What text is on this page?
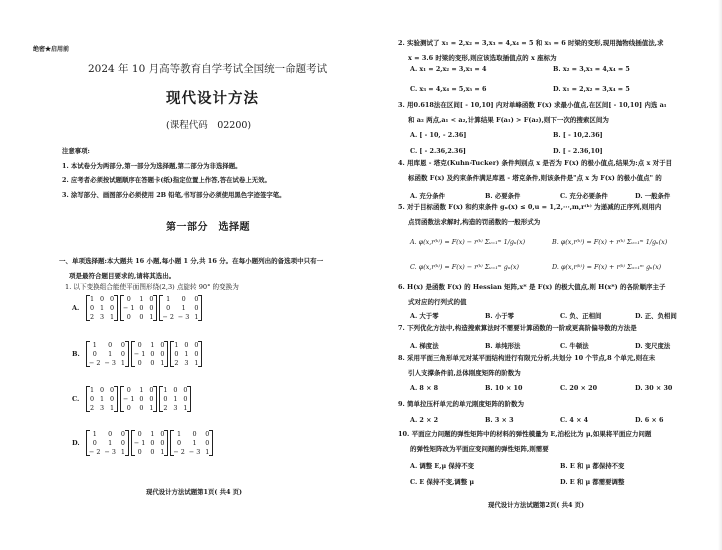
绝密★启用前
2024 年 10 月高等教育自学考试全国统一命题考试
现代设计方法
(课程代码　02200)
注意事项:
1. 本试卷分为两部分,第一部分为选择题,第二部分为非选择题。
2. 应考者必须按试题顺序在答题卡(纸)指定位置上作答,答在试卷上无效。
3. 涂写部分、画图部分必须使用 2B 铅笔,书写部分必须使用黑色字迹签字笔。
第一部分　选择题
一、单项选择题:本大题共 16 小题,每小题 1 分,共 16 分。在每小题列出的备选项中只有一
项是最符合题目要求的,请将其选出。
1. 以下变换组合能使平面图形绕(2,3) 点旋转 90° 的变换为
A.
1 0 0
0 1 0
2 3 1
0	1 0
− 1 0 0
0	0 1
1	0	0
0	1	0
− 2 − 3 1
B.
1	0	0
0	1	0
− 2 − 3 1
0	1 0
− 1 0 0
0	0 1
1 0 0
0 1 0
2 3 1
C.
1 0 0
0 1 0
2 3 1
0	1 0
− 1 0 0
0	0 1
1 0 0
0 1 0
2 3 1
D.
1	0	0
0	1	0
− 2 − 3 1
0	1 0
− 1 0 0
0	0 1
1	0	0
0	1	0
− 2 − 3 1
现代设计方法试题第1页( 共4 页)
2. 实验测试了 x₁ = 2,x₂ = 3,x₃ = 4,x₄ = 5 和 x₅ = 6 时梁的变形,现用抛物线插值法,求
x = 3.6 时梁的变形,则应该选取插值点的 x 座标为
A. x₁ = 2,x₂ = 3,x₃ = 4	B. x₂ = 3,x₃ = 4,x₄ = 5
C. x₃ = 4,x₄ = 5,x₅ = 6	D. x₁ = 2,x₂ = 3,x₄ = 5
3. 用0.618法在区间[ - 10,10] 内对单峰函数 F(x) 求最小值点,在区间[ - 10,10] 内选 a₁
和 a₂ 两点,a₁ < a₂,计算结果 F(a₁) > F(a₂),则下一次的搜索区间为
A. [ - 10, - 2.36]	B. [ - 10,2.36]
C. [ - 2.36,2.36]	D. [ - 2.36,10]
4. 用库恩 - 塔克(Kuhn-Tucker) 条件判别点 x 是否为 F(x) 的极小值点,结果为:点 x 对于目
标函数 F(x) 及约束条件满足库恩 - 塔克条件,则该条件是"点 x 为 F(x) 的极小值点" 的
A. 充分条件	B. 必要条件	C. 充分必要条件	D. 一般条件
5. 对于目标函数 F(x) 和约束条件 gᵤ(x) ≤ 0,u = 1,2,···,m,r⁽ᵏ⁾ 为递减的正序列,则用内
点罚函数法求解时,构造的罚函数的一般形式为
A. φ(x,r⁽ᵏ⁾) = F(x) − r⁽ᵏ⁾ Σᵤ₌₁ᵐ 1/gᵤ(x)	B. φ(x,r⁽ᵏ⁾) = F(x) + r⁽ᵏ⁾ Σᵤ₌₁ᵐ 1/gᵤ(x)
C. φ(x,r⁽ᵏ⁾) = F(x) − r⁽ᵏ⁾ Σᵤ₌₁ᵐ gᵤ(x)	D. φ(x,r⁽ᵏ⁾) = F(x) + r⁽ᵏ⁾ Σᵤ₌₁ᵐ gᵤ(x)
6. H(x) 是函数 F(x) 的 Hessian 矩阵,x* 是 F(x) 的极大值点,则 H(x*) 的各阶顺序主子
式对应的行列式的值
A. 大于零	B. 小于零	C. 负、正相间	D. 正、负相间
7. 下列优化方法中,构造搜索算法时不需要计算函数的一阶或更高阶偏导数的方法是
A. 梯度法	B. 单纯形法	C. 牛顿法	D. 变尺度法
8. 采用平面三角形单元对某平面结构进行有限元分析,共划分 10 个节点,8 个单元,则在未
引人支撑条件前,总体刚度矩阵的阶数为
A. 8 × 8	B. 10 × 10	C. 20 × 20	D. 30 × 30
9. 简单拉压杆单元的单元刚度矩阵的阶数为
A. 2 × 2	B. 3 × 3	C. 4 × 4	D. 6 × 6
10. 平面应力问题的弹性矩阵中的材料的弹性模量为 E,泊松比为 μ,如果将平面应力问题
的弹性矩阵改为平面应变问题的弹性矩阵,则需要
A. 调整 E,μ 保持不变	B. E 和 μ 都保持不变
C. E 保持不变,调整 μ	D. E 和 μ 都需要调整
现代设计方法试题第2页( 共4 页)
